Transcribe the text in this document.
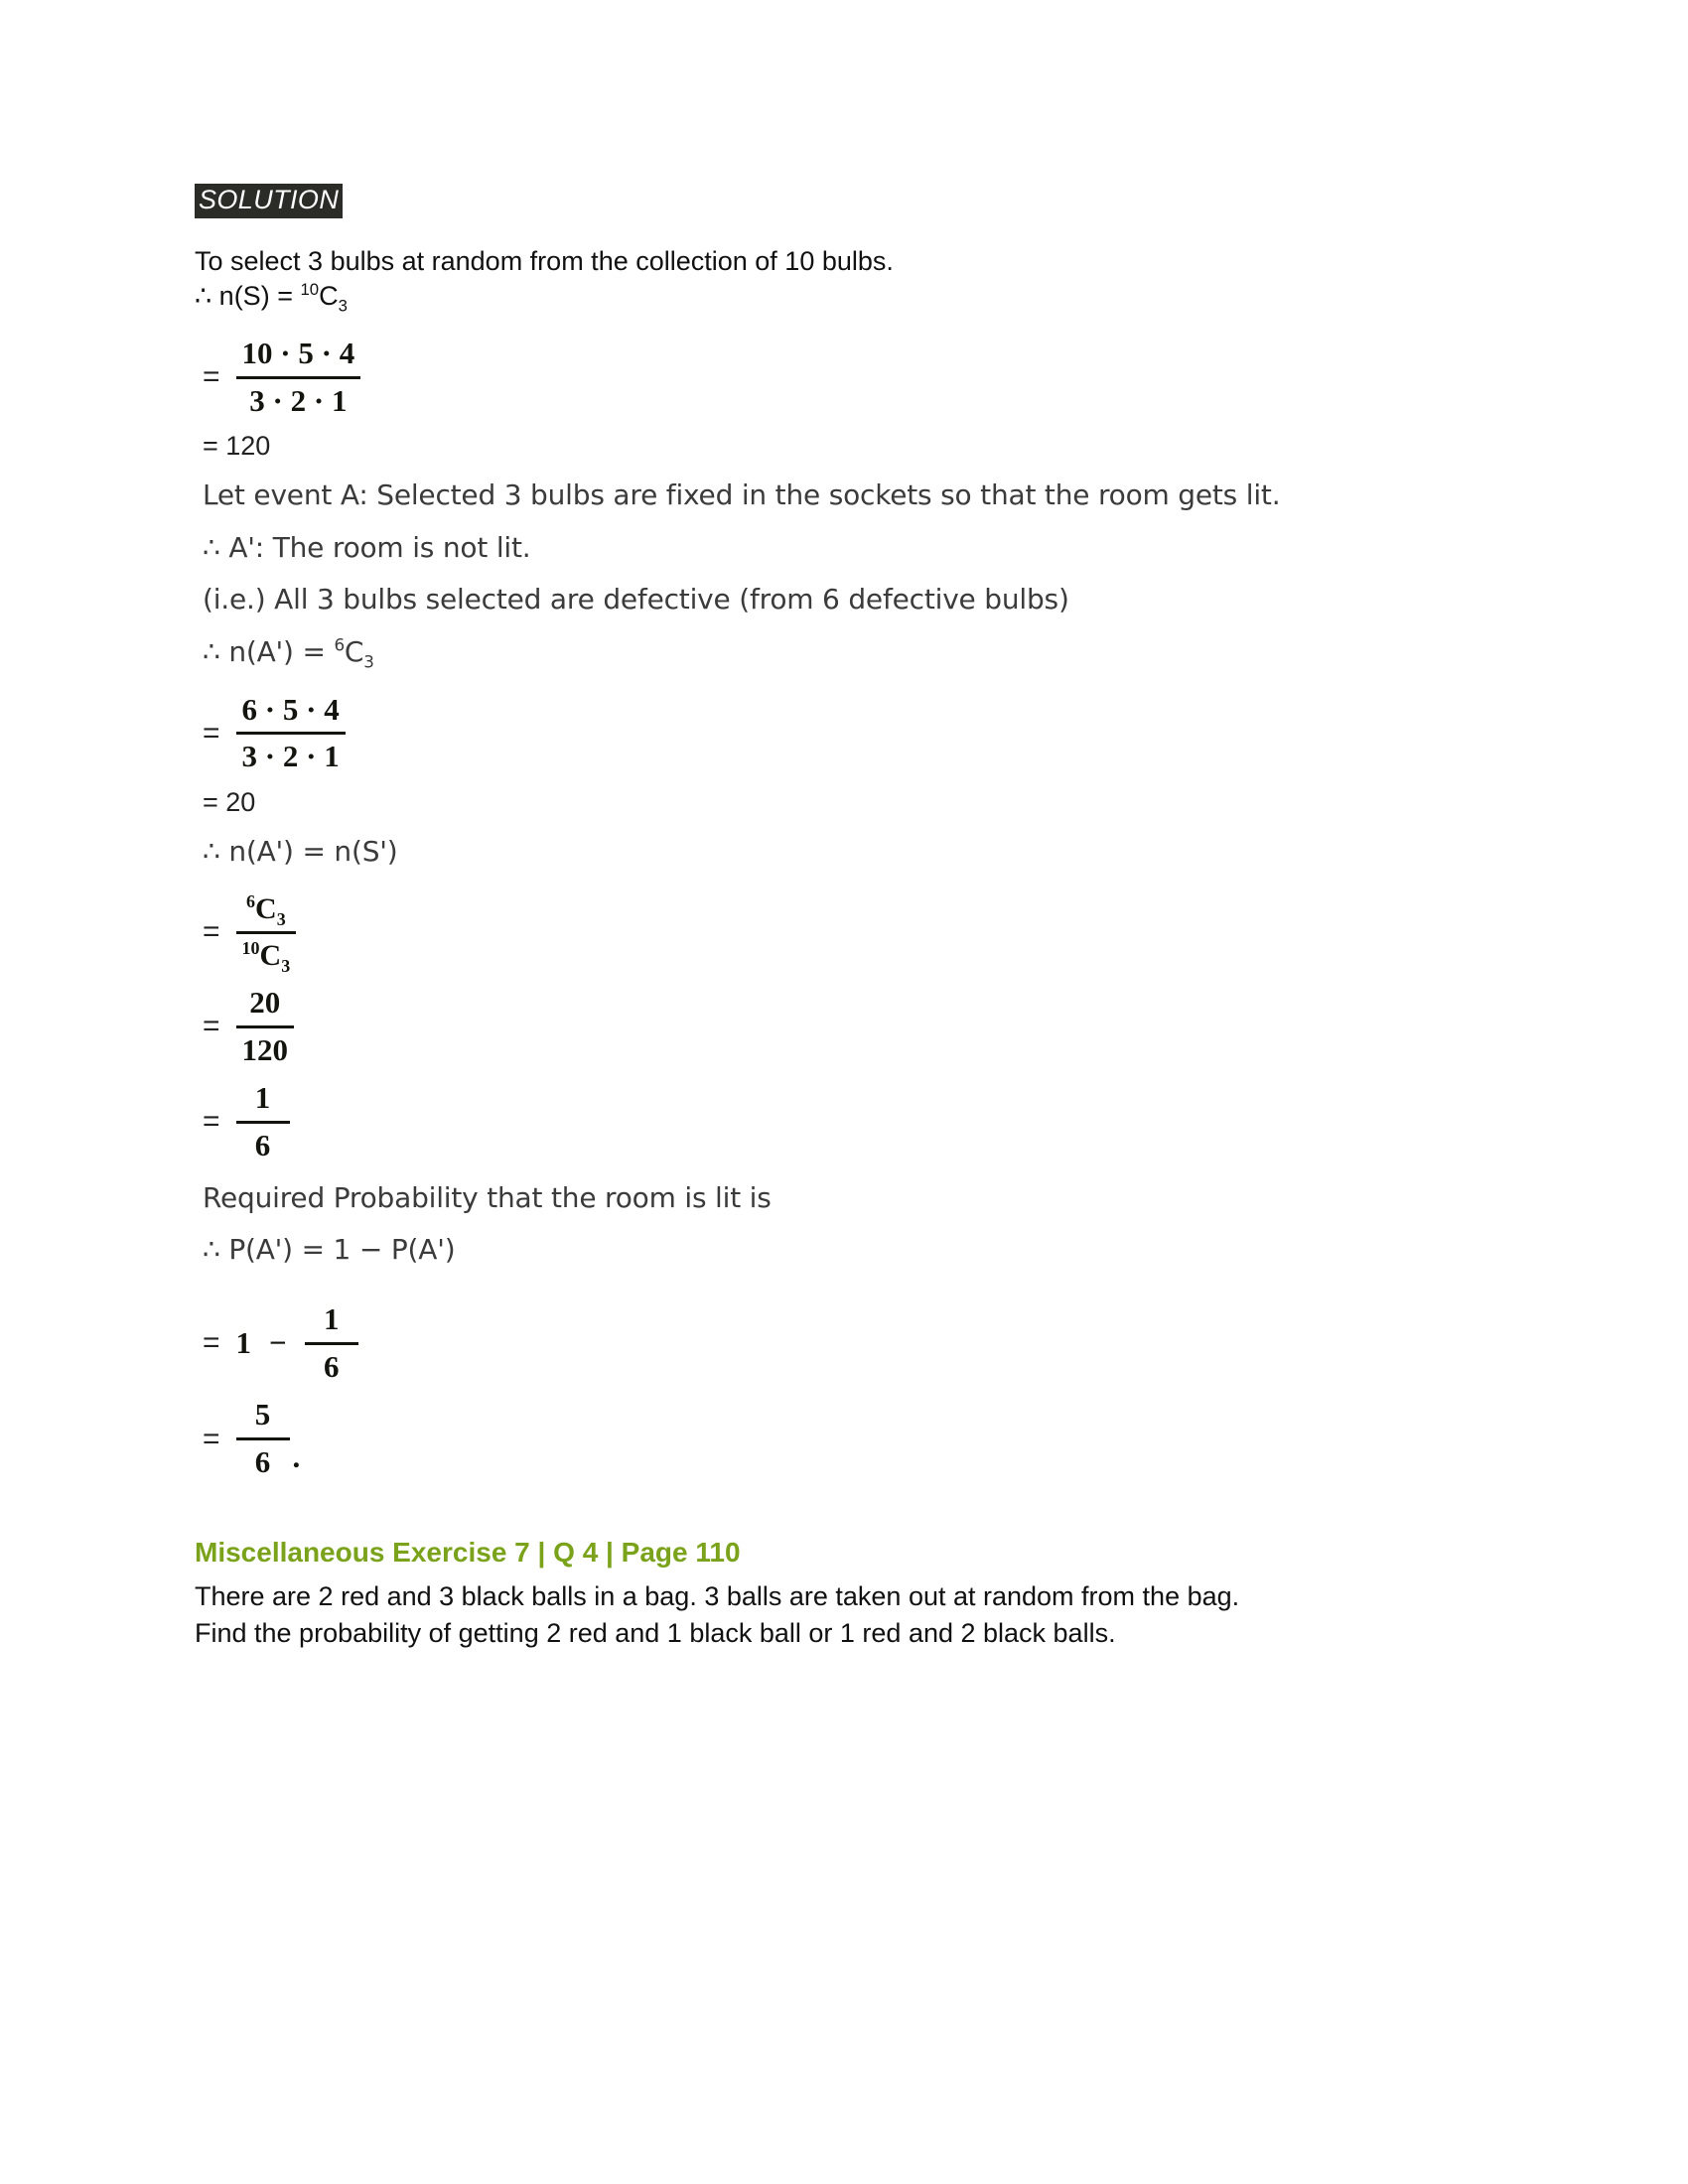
SOLUTION
To select 3 bulbs at random from the collection of 10 bulbs.
∴ $n(S) = ^{10}C_3$
= $\frac{10 \cdot 5 \cdot 4}{3 \cdot 2 \cdot 1}$
= 120
Let event A: Selected 3 bulbs are fixed in the sockets so that the room gets lit.
∴ A': The room is not lit.
(i.e.) All 3 bulbs selected are defective (from 6 defective bulbs)
∴ $n(A') = ^6C_3$
= $\frac{6 \cdot 5 \cdot 4}{3 \cdot 2 \cdot 1}$
= 20
∴ n(A') = n(S')
= $\frac{^6C_3}{^{10}C_3}$
= $\frac{20}{120}$
= $\frac{1}{6}$
Required Probability that the room is lit is
∴ P(A') = 1 − P(A')
= $1 - \frac{1}{6}$
= $\frac{5}{6}$ .
Miscellaneous Exercise 7 | Q 4 | Page 110
There are 2 red and 3 black balls in a bag. 3 balls are taken out at random from the bag.
Find the probability of getting 2 red and 1 black ball or 1 red and 2 black balls.
